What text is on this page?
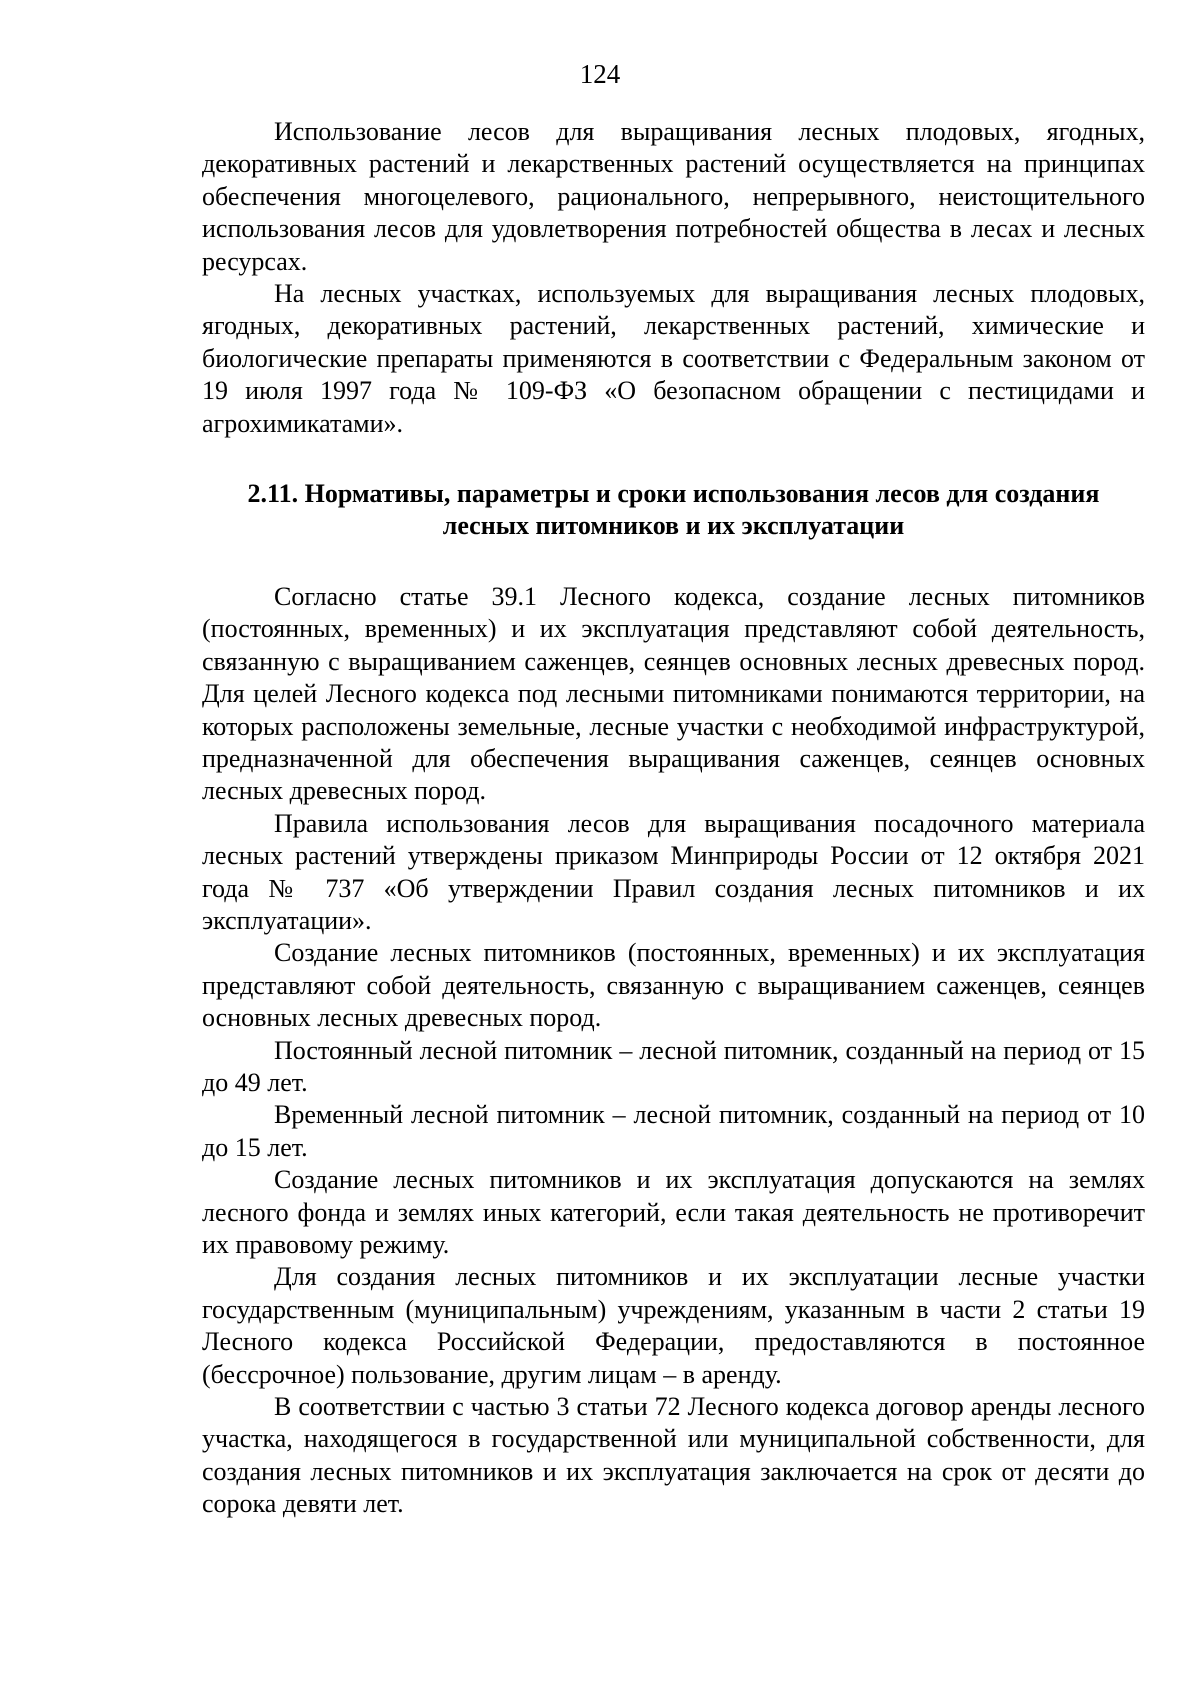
124

Использование лесов для выращивания лесных плодовых, ягодных, декоративных растений и лекарственных растений осуществляется на принципах обеспечения многоцелевого, рационального, непрерывного, неистощительного использования лесов для удовлетворения потребностей общества в лесах и лесных ресурсах.

На лесных участках, используемых для выращивания лесных плодовых, ягодных, декоративных растений, лекарственных растений, химические и биологические препараты применяются в соответствии с Федеральным законом от 19 июля 1997 года № 109-ФЗ «О безопасном обращении с пестицидами и агрохимикатами».

2.11. Нормативы, параметры и сроки использования лесов для создания
лесных питомников и их эксплуатации

Согласно статье 39.1 Лесного кодекса, создание лесных питомников (постоянных, временных) и их эксплуатация представляют собой деятельность, связанную с выращиванием саженцев, сеянцев основных лесных древесных пород. Для целей Лесного кодекса под лесными питомниками понимаются территории, на которых расположены земельные, лесные участки с необходимой инфраструктурой, предназначенной для обеспечения выращивания саженцев, сеянцев основных лесных древесных пород.

Правила использования лесов для выращивания посадочного материала лесных растений утверждены приказом Минприроды России от 12 октября 2021 года № 737 «Об утверждении Правил создания лесных питомников и их эксплуатации».

Создание лесных питомников (постоянных, временных) и их эксплуатация представляют собой деятельность, связанную с выращиванием саженцев, сеянцев основных лесных древесных пород.

Постоянный лесной питомник – лесной питомник, созданный на период от 15 до 49 лет.

Временный лесной питомник – лесной питомник, созданный на период от 10 до 15 лет.

Создание лесных питомников и их эксплуатация допускаются на землях лесного фонда и землях иных категорий, если такая деятельность не противоречит их правовому режиму.

Для создания лесных питомников и их эксплуатации лесные участки государственным (муниципальным) учреждениям, указанным в части 2 статьи 19 Лесного кодекса Российской Федерации, предоставляются в постоянное (бессрочное) пользование, другим лицам – в аренду.

В соответствии с частью 3 статьи 72 Лесного кодекса договор аренды лесного участка, находящегося в государственной или муниципальной собственности, для создания лесных питомников и их эксплуатация заключается на срок от десяти до сорока девяти лет.
